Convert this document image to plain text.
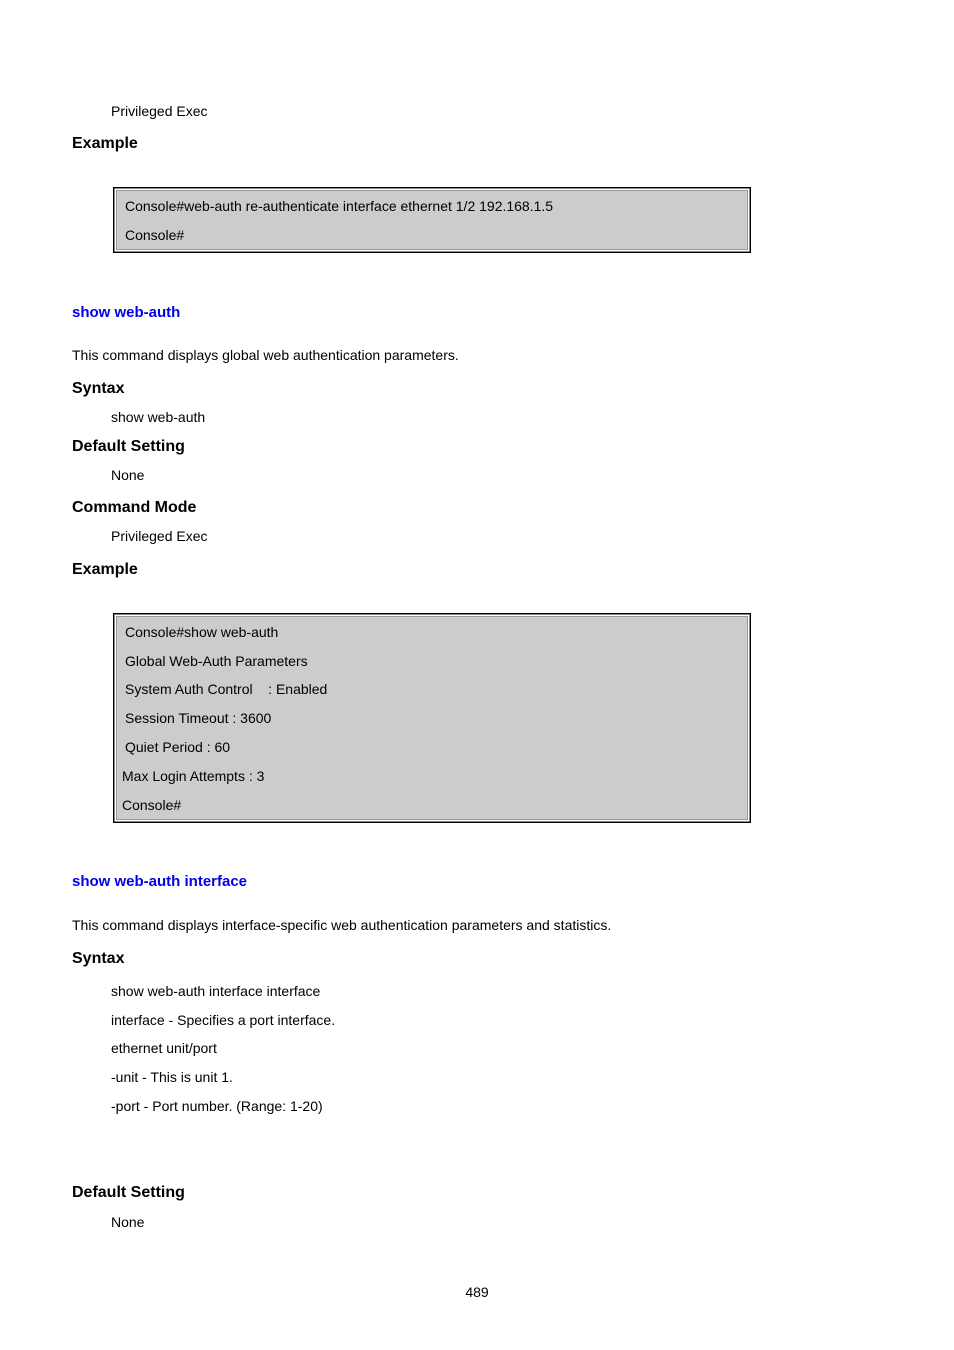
Privileged Exec
Example
Console#web-auth re-authenticate interface ethernet 1/2 192.168.1.5
Console#
show web-auth
This command displays global web authentication parameters.
Syntax
show web-auth
Default Setting
None
Command Mode
Privileged Exec
Example
Console#show web-auth
Global Web-Auth Parameters
System Auth Control    : Enabled
Session Timeout : 3600
Quiet Period : 60
Max Login Attempts : 3
Console#
show web-auth interface
This command displays interface-specific web authentication parameters and statistics.
Syntax
show web-auth interface interface
interface - Specifies a port interface.
ethernet unit/port
-unit - This is unit 1.
-port - Port number. (Range: 1-20)
Default Setting
None
489
